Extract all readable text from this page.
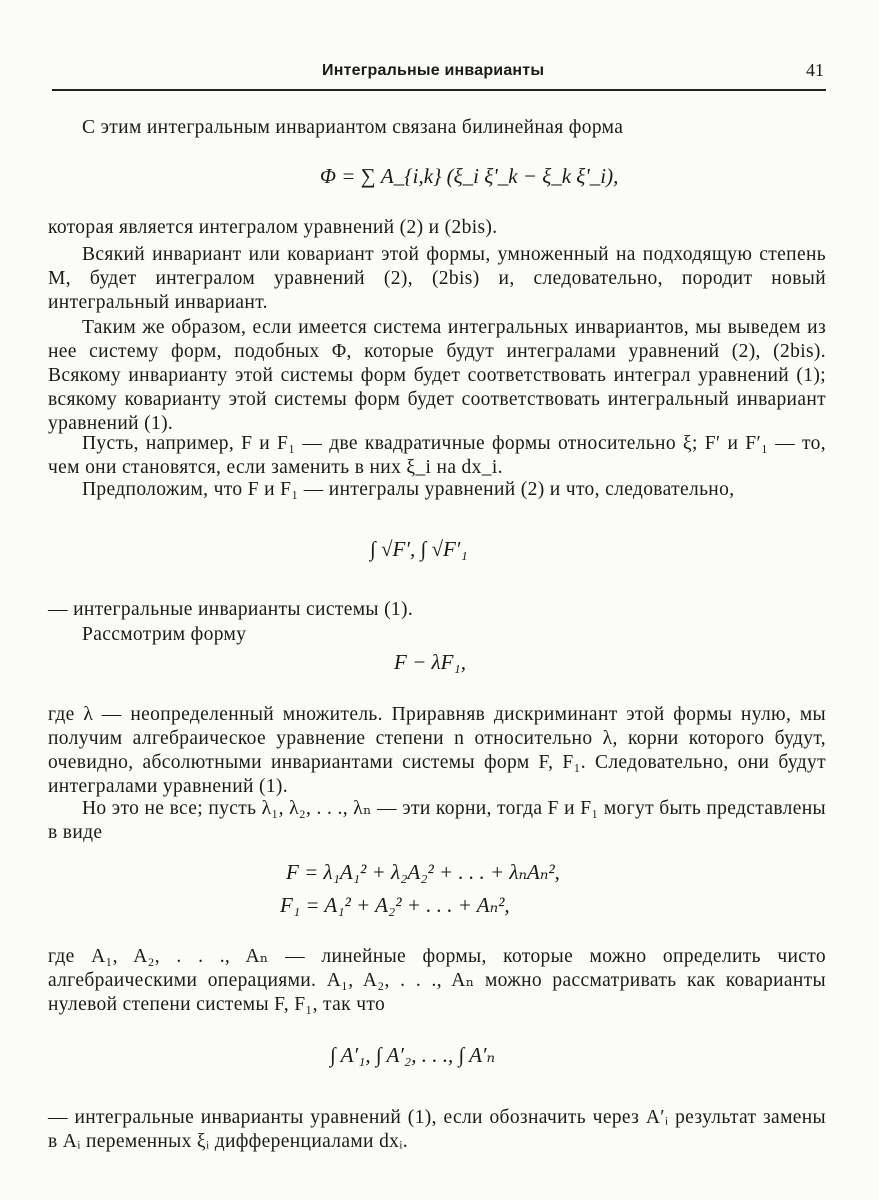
Интегральные инварианты	41
С этим интегральным инвариантом связана билинейная форма
Φ = ∑ A_{i,k} (ξ_i ξ'_k − ξ_k ξ'_i),
которая является интегралом уравнений (2) и (2bis).
Всякий инвариант или ковариант этой формы, умноженный на подходящую степень M, будет интегралом уравнений (2), (2bis) и, следовательно, породит новый интегральный инвариант.
Таким же образом, если имеется система интегральных инвариантов, мы выведем из нее систему форм, подобных Φ, которые будут интегралами уравнений (2), (2bis). Всякому инварианту этой системы форм будет соответствовать интеграл уравнений (1); всякому коварианту этой системы форм будет соответствовать интегральный инвариант уравнений (1).
Пусть, например, F и F₁ — две квадратичные формы относительно ξ; F′ и F′₁ — то, чем они становятся, если заменить в них ξ_i на dx_i.
Предположим, что F и F₁ — интегралы уравнений (2) и что, следовательно,
∫ √F′, ∫ √F′₁
— интегральные инварианты системы (1).
Рассмотрим форму
F − λF₁,
где λ — неопределенный множитель. Приравняв дискриминант этой формы нулю, мы получим алгебраическое уравнение степени n относительно λ, корни которого будут, очевидно, абсолютными инвариантами системы форм F, F₁. Следовательно, они будут интегралами уравнений (1).
Но это не все; пусть λ₁, λ₂, . . ., λₙ — эти корни, тогда F и F₁ могут быть представлены в виде
F = λ₁A₁² + λ₂A₂² + . . . + λₙAₙ²,
F₁ = A₁² + A₂² + . . . + Aₙ²,
где A₁, A₂, . . ., Aₙ — линейные формы, которые можно определить чисто алгебраическими операциями. A₁, A₂, . . ., Aₙ можно рассматривать как коварианты нулевой степени системы F, F₁, так что
∫ A′₁, ∫ A′₂, . . ., ∫ A′ₙ
— интегральные инварианты уравнений (1), если обозначить через A′ᵢ результат замены в Aᵢ переменных ξᵢ дифференциалами dxᵢ.
